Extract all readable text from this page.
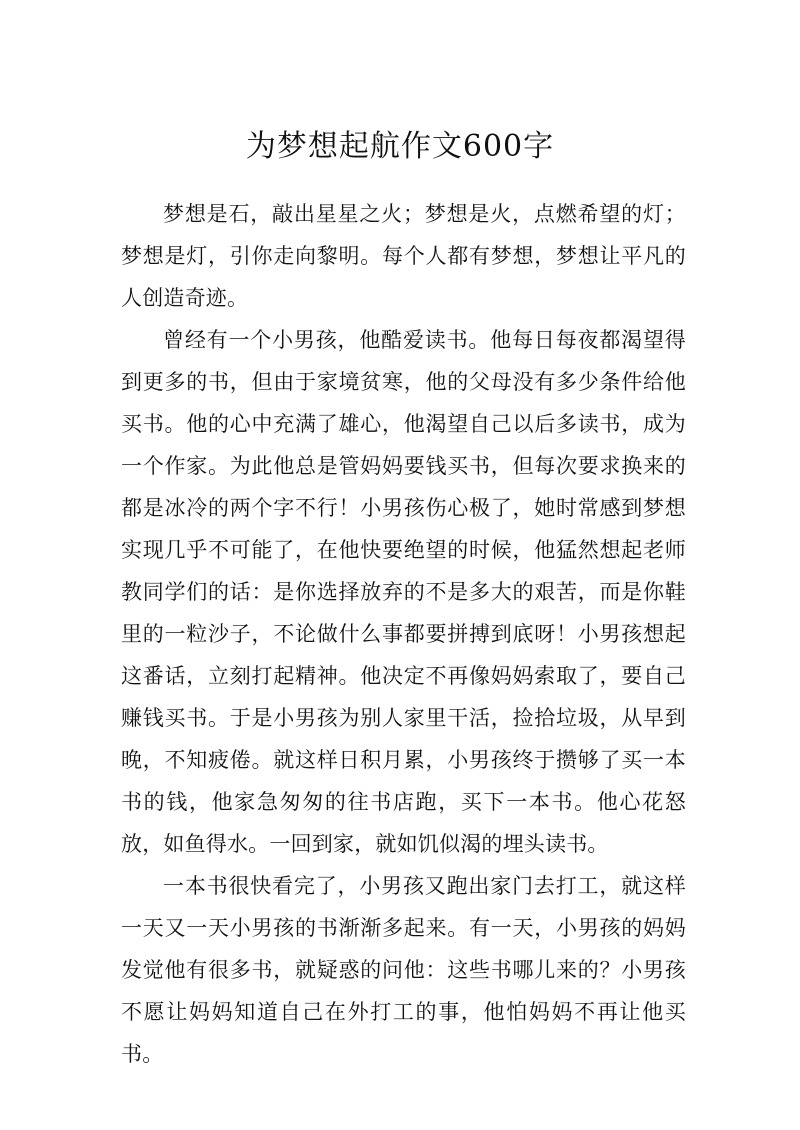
为梦想起航作文600字

梦想是石，敲出星星之火；梦想是火，点燃希望的灯；梦想是灯，引你走向黎明。每个人都有梦想，梦想让平凡的人创造奇迹。

曾经有一个小男孩，他酷爱读书。他每日每夜都渴望得到更多的书，但由于家境贫寒，他的父母没有多少条件给他买书。他的心中充满了雄心，他渴望自己以后多读书，成为一个作家。为此他总是管妈妈要钱买书，但每次要求换来的都是冰冷的两个字不行！小男孩伤心极了，她时常感到梦想实现几乎不可能了，在他快要绝望的时候，他猛然想起老师教同学们的话：是你选择放弃的不是多大的艰苦，而是你鞋里的一粒沙子，不论做什么事都要拼搏到底呀！小男孩想起这番话，立刻打起精神。他决定不再像妈妈索取了，要自己赚钱买书。于是小男孩为别人家里干活，捡拾垃圾，从早到晚，不知疲倦。就这样日积月累，小男孩终于攒够了买一本书的钱，他家急匆匆的往书店跑，买下一本书。他心花怒放，如鱼得水。一回到家，就如饥似渴的埋头读书。

一本书很快看完了，小男孩又跑出家门去打工，就这样一天又一天小男孩的书渐渐多起来。有一天，小男孩的妈妈发觉他有很多书，就疑惑的问他：这些书哪儿来的？小男孩不愿让妈妈知道自己在外打工的事，他怕妈妈不再让他买书。
